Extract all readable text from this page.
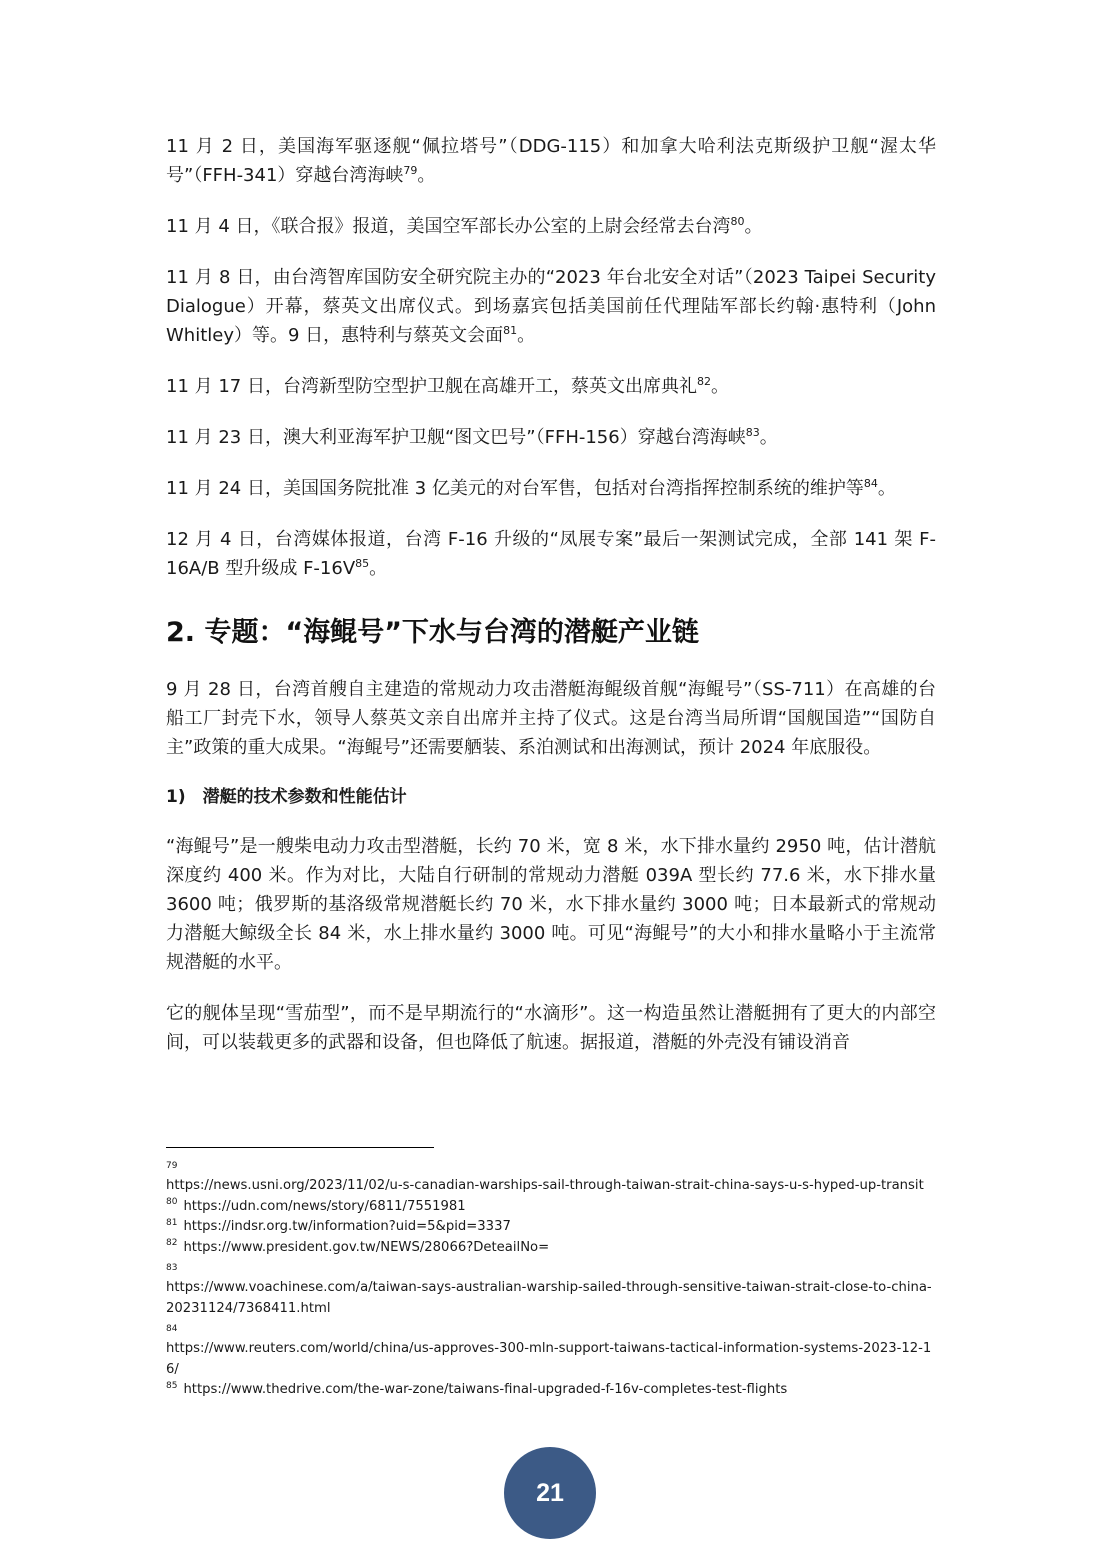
11 月 2 日，美国海军驱逐舰“佩拉塔号”（DDG-115）和加拿大哈利法克斯级护卫舰“渥太华号”（FFH-341）穿越台湾海峡$^{79}$。

11 月 4 日，《联合报》报道，美国空军部长办公室的上尉会经常去台湾$^{80}$。

11 月 8 日，由台湾智库国防安全研究院主办的“2023 年台北安全对话”（2023 Taipei Security Dialogue）开幕，蔡英文出席仪式。到场嘉宾包括美国前任代理陆军部长约翰·惠特利（John Whitley）等。9 日，惠特利与蔡英文会面$^{81}$。

11 月 17 日，台湾新型防空型护卫舰在高雄开工，蔡英文出席典礼$^{82}$。

11 月 23 日，澳大利亚海军护卫舰“图文巴号”（FFH-156）穿越台湾海峡$^{83}$。

11 月 24 日，美国国务院批准 3 亿美元的对台军售，包括对台湾指挥控制系统的维护等$^{84}$。

12 月 4 日，台湾媒体报道，台湾 F-16 升级的“凤展专案”最后一架测试完成，全部 141 架 F-16A/B 型升级成 $F-16V^{85}$。

2. 专题：“海鲲号”下水与台湾的潜艇产业链

9 月 28 日，台湾首艘自主建造的常规动力攻击潜艇海鲲级首舰“海鲲号”（SS-711）在高雄的台船工厂封壳下水，领导人蔡英文亲自出席并主持了仪式。这是台湾当局所谓“国舰国造”“国防自主”政策的重大成果。“海鲲号”还需要舾装、系泊测试和出海测试，预计 2024 年底服役。

1)　潜艇的技术参数和性能估计

“海鲲号”是一艘柴电动力攻击型潜艇，长约 70 米，宽 8 米，水下排水量约 2950 吨，估计潜航深度约 400 米。作为对比，大陆自行研制的常规动力潜艇 039A 型长约 77.6 米，水下排水量 3600 吨；俄罗斯的基洛级常规潜艇长约 70 米，水下排水量约 3000 吨；日本最新式的常规动力潜艇大鲸级全长 84 米，水上排水量约 3000 吨。可见“海鲲号”的大小和排水量略小于主流常规潜艇的水平。

它的舰体呈现“雪茄型”，而不是早期流行的“水滴形”。这一构造虽然让潜艇拥有了更大的内部空间，可以装载更多的武器和设备，但也降低了航速。据报道，潜艇的外壳没有铺设消音

79
https://news.usni.org/2023/11/02/u-s-canadian-warships-sail-through-taiwan-strait-china-says-u-s-hyped-up-transit
$^{80}$ https://udn.com/news/story/6811/7551981
$^{81}$ https://indsr.org.tw/information?uid=5&pid=3337
$^{82}$ https://www.president.gov.tw/NEWS/28066?DeteailNo=
83
https://www.voachinese.com/a/taiwan-says-australian-warship-sailed-through-sensitive-taiwan-strait-close-to-china-20231124/7368411.html
84
https://www.reuters.com/world/china/us-approves-300-mln-support-taiwans-tactical-information-systems-2023-12-16/
$^{85}$ https://www.thedrive.com/the-war-zone/taiwans-final-upgraded-f-16v-completes-test-flights
21
